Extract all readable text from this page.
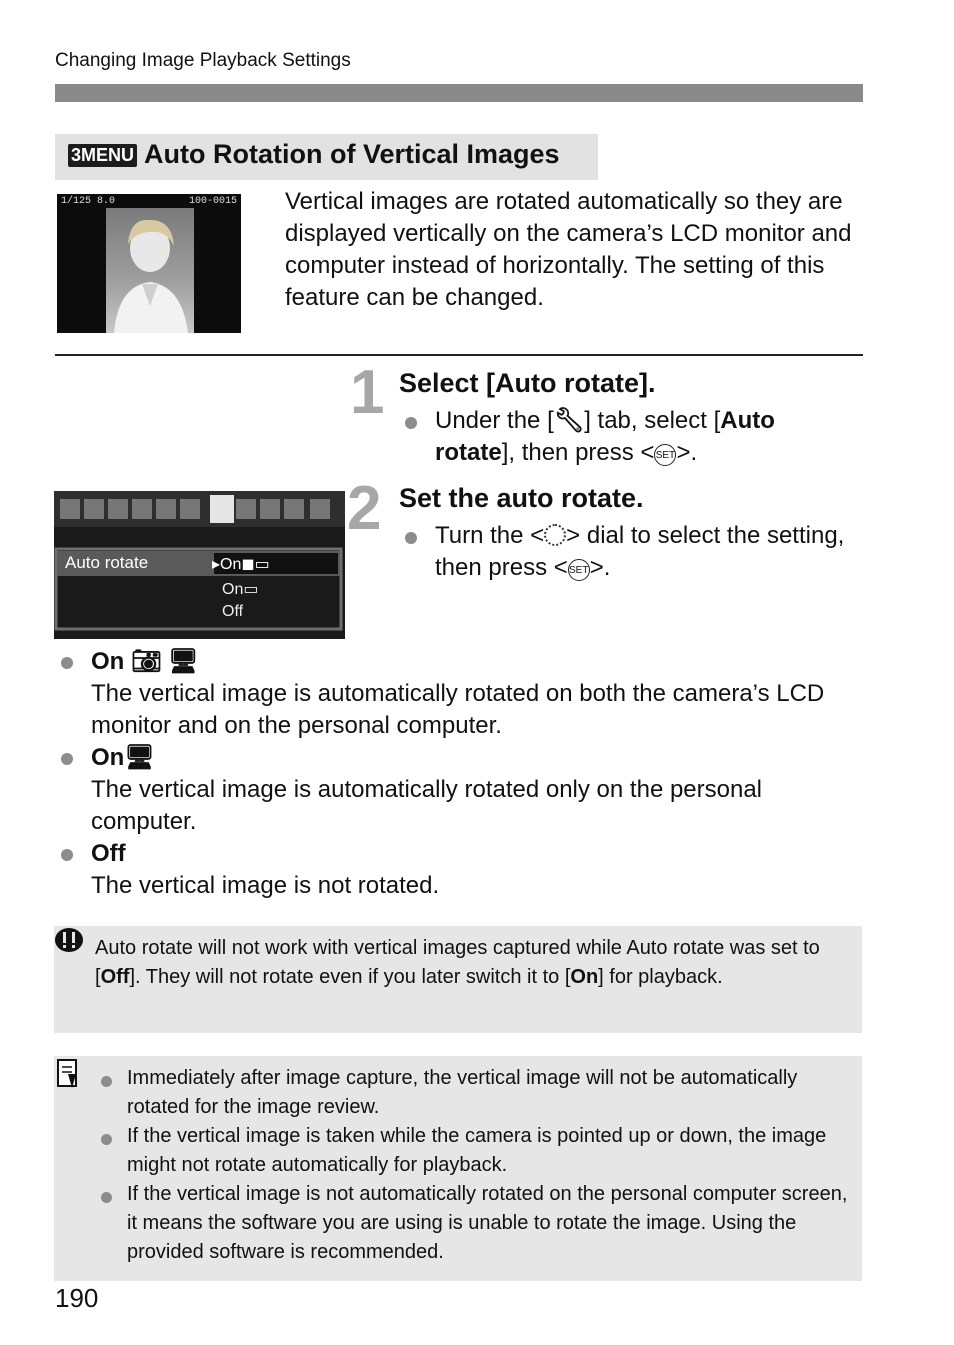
Changing Image Playback Settings
3MENU Auto Rotation of Vertical Images
1/125 8.0	100-0015 Vertical images are rotated automatically so they are displayed vertically on the camera’s LCD monitor and computer instead of horizontally. The setting of this feature can be changed.
1 Select [Auto rotate].
Under the [🔧︎] tab, select [Auto rotate], then press <SET>.
Auto rotate	▸On◼▭
On▭
Off
2 Set the auto rotate.
Turn the < > dial to select the setting, then press <SET>.
On 📷︎ 🖥︎
The vertical image is automatically rotated on both the camera’s LCD monitor and on the personal computer.
On🖥︎
The vertical image is automatically rotated only on the personal computer.
Off
The vertical image is not rotated.
Auto rotate will not work with vertical images captured while Auto rotate was set to [Off]. They will not rotate even if you later switch it to [On] for playback.
Immediately after image capture, the vertical image will not be automatically rotated for the image review.
If the vertical image is taken while the camera is pointed up or down, the image might not rotate automatically for playback.
If the vertical image is not automatically rotated on the personal computer screen, it means the software you are using is unable to rotate the image. Using the provided software is recommended.
190
